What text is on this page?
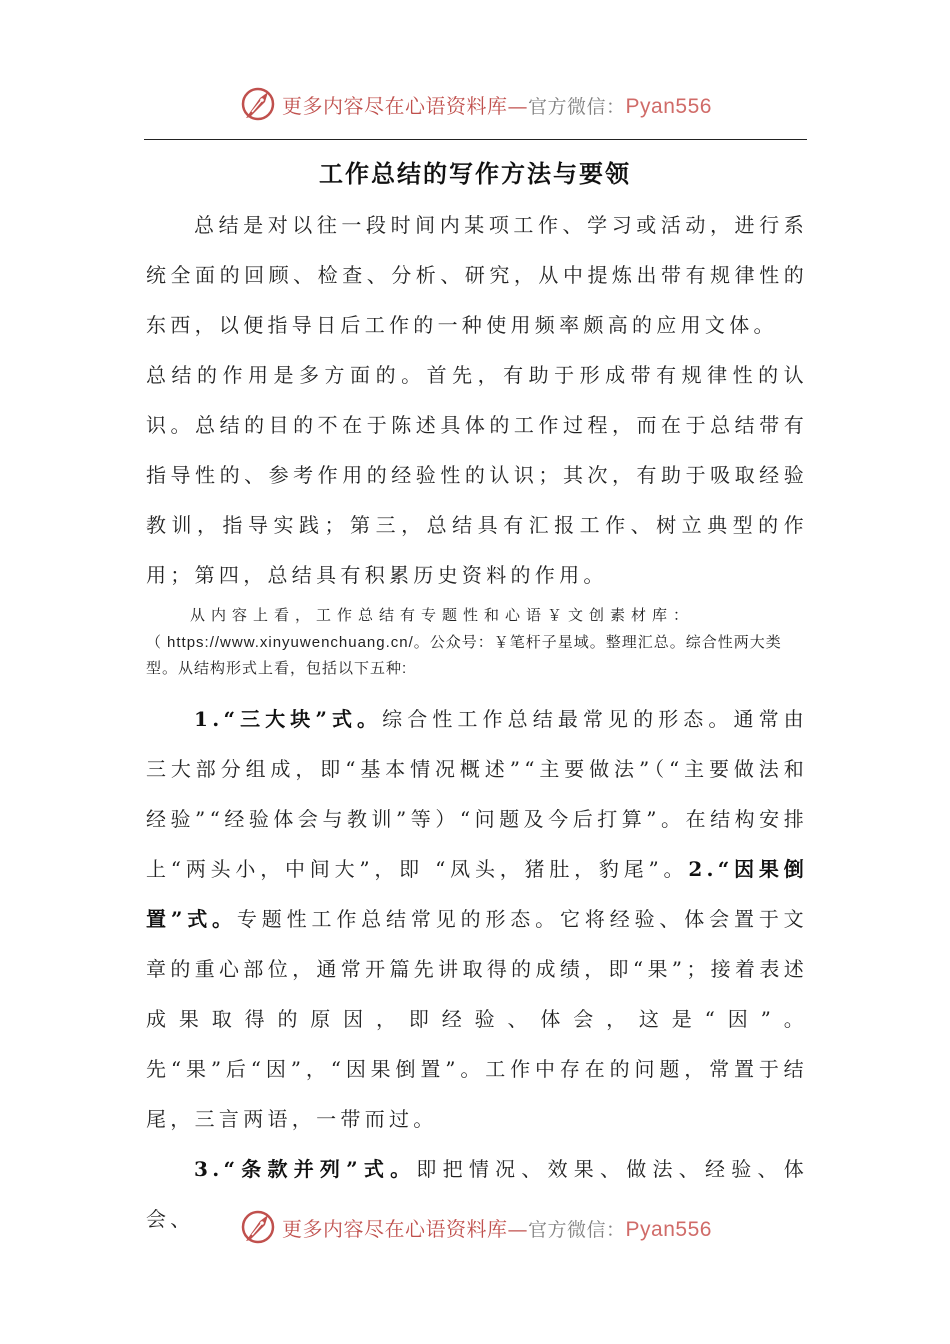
更多内容尽在心语资料库—官方微信：Pyan556
工作总结的写作方法与要领

总结是对以往一段时间内某项工作、学习或活动，进行系统全面的回顾、检查、分析、研究，从中提炼出带有规律性的东西，以便指导日后工作的一种使用频率颇高的应用文体。

总结的作用是多方面的。首先，有助于形成带有规律性的认识。总结的目的不在于陈述具体的工作过程，而在于总结带有指导性的、参考作用的经验性的认识；其次，有助于吸取经验教训，指导实践；第三，总结具有汇报工作、树立典型的作用；第四，总结具有积累历史资料的作用。

从内容上看，工作总结有专题性和心语￥文创素材库：（https://www.xinyuwenchuang.cn/。公众号：￥笔杆子星域。整理汇总。综合性两大类型。从结构形式上看，包括以下五种:

1.“三大块”式。综合性工作总结最常见的形态。通常由三大部分组成，即“基本情况概述”“主要做法”（“主要做法和经验”“经验体会与教训”等）“问题及今后打算”。在结构安排上“两头小，中间大”，即 “凤头，猪肚，豹尾”。2.“因果倒置”式。专题性工作总结常见的形态。它将经验、体会置于文章的重心部位，通常开篇先讲取得的成绩，即“果”；接着表述成果取得的原因，即经验、体会，这是“因”。先“果”后“因”，“因果倒置”。工作中存在的问题，常置于结尾，三言两语，一带而过。

3.“条款并列”式。即把情况、效果、做法、经验、体会、	更多内容尽在心语资料库—官方微信：Pyan556
